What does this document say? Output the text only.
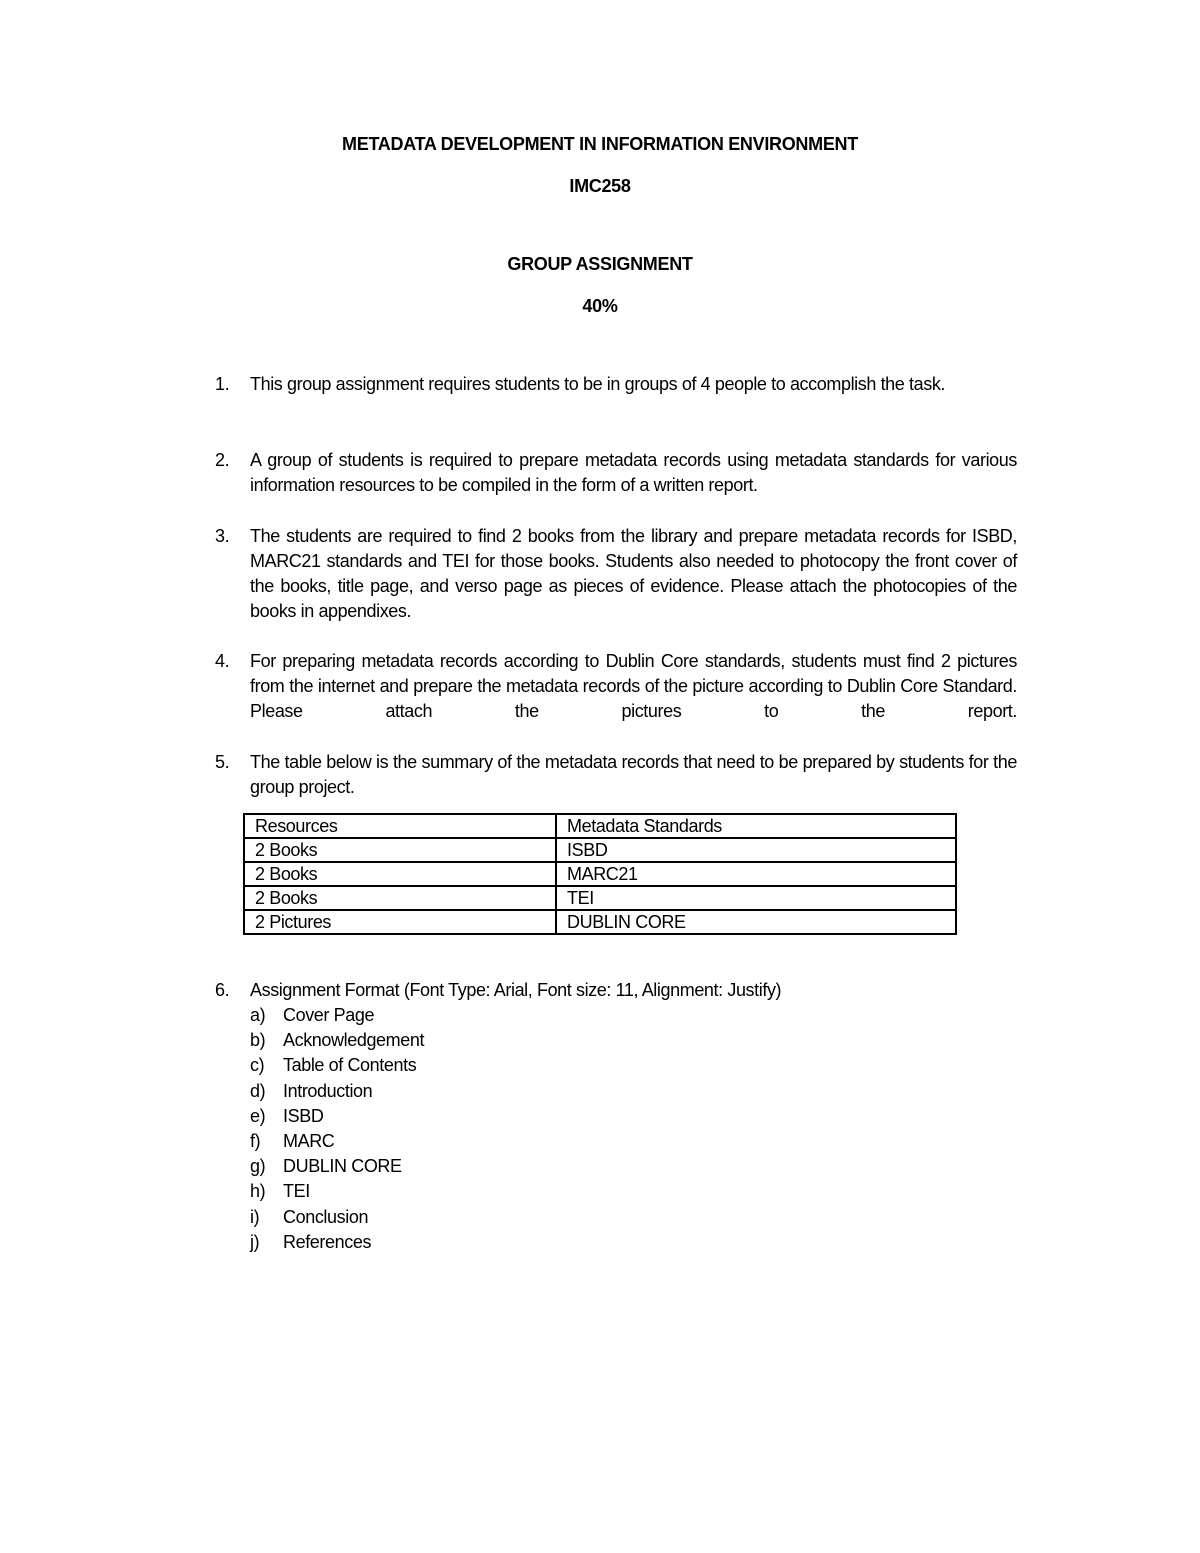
METADATA DEVELOPMENT IN INFORMATION ENVIRONMENT
IMC258
GROUP ASSIGNMENT
40%
1.	This group assignment requires students to be in groups of 4 people to accomplish the task.
2.	A group of students is required to prepare metadata records using metadata standards for various information resources to be compiled in the form of a written report.
3.	The students are required to find 2 books from the library and prepare metadata records for ISBD, MARC21 standards and TEI for those books. Students also needed to photocopy the front cover of the books, title page, and verso page as pieces of evidence. Please attach the photocopies of the books in appendixes.
4.	For preparing metadata records according to Dublin Core standards, students must find 2 pictures from the internet and prepare the metadata records of the picture according to Dublin Core Standard. Please attach the pictures to the report.
5.	The table below is the summary of the metadata records that need to be prepared by students for the group project.
Resources	Metadata Standards
2 Books	ISBD
2 Books	MARC21
2 Books	TEI
2 Pictures	DUBLIN CORE
6.	Assignment Format (Font Type: Arial, Font size: 11, Alignment: Justify)
a) Cover Page
b) Acknowledgement
c) Table of Contents
d) Introduction
e) ISBD
f) MARC
g) DUBLIN CORE
h) TEI
i) Conclusion
j) References
